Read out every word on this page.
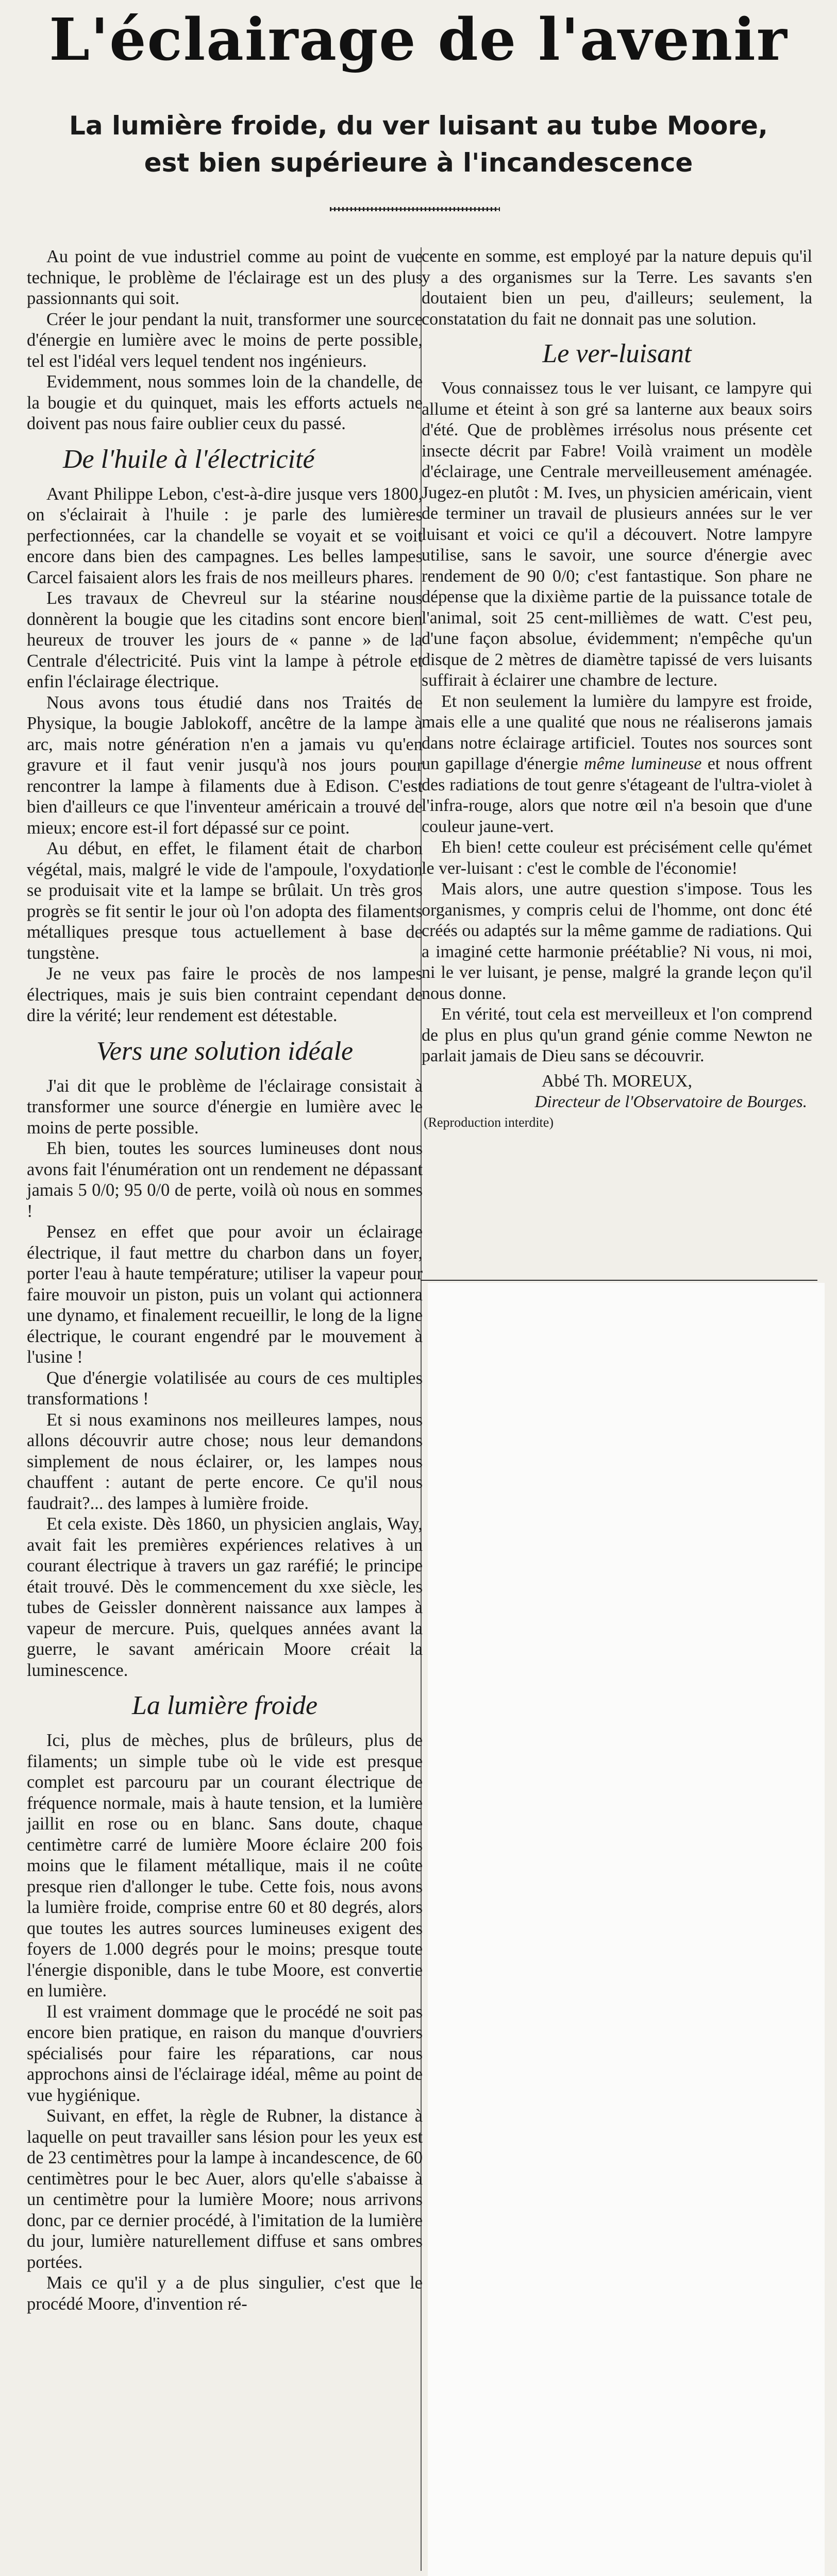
L'éclairage de l'avenir
La lumière froide, du ver luisant au tube Moore,
est bien supérieure à l'incandescence

Au point de vue industriel comme au point de vue technique, le problème de l'éclairage est un des plus passionnants qui soit.

Créer le jour pendant la nuit, transformer une source d'énergie en lumière avec le moins de perte possible, tel est l'idéal vers lequel tendent nos ingénieurs.

Evidemment, nous sommes loin de la chandelle, de la bougie et du quinquet, mais les efforts actuels ne doivent pas nous faire oublier ceux du passé.

De l'huile à l'électricité

Avant Philippe Lebon, c'est-à-dire jusque vers 1800, on s'éclairait à l'huile : je parle des lumières perfectionnées, car la chandelle se voyait et se voit encore dans bien des campagnes. Les belles lampes Carcel faisaient alors les frais de nos meilleurs phares.

Les travaux de Chevreul sur la stéarine nous donnèrent la bougie que les citadins sont encore bien heureux de trouver les jours de « panne » de la Centrale d'électricité. Puis vint la lampe à pétrole et enfin l'éclairage électrique.

Nous avons tous étudié dans nos Traités de Physique, la bougie Jablokoff, ancêtre de la lampe à arc, mais notre génération n'en a jamais vu qu'en gravure et il faut venir jusqu'à nos jours pour rencontrer la lampe à filaments due à Edison. C'est bien d'ailleurs ce que l'inventeur américain a trouvé de mieux; encore est-il fort dépassé sur ce point.

Au début, en effet, le filament était de charbon végétal, mais, malgré le vide de l'ampoule, l'oxydation se produisait vite et la lampe se brûlait. Un très gros progrès se fit sentir le jour où l'on adopta des filaments métalliques presque tous actuellement à base de tungstène.

Je ne veux pas faire le procès de nos lampes électriques, mais je suis bien contraint cependant de dire la vérité; leur rendement est détestable.

Vers une solution idéale

J'ai dit que le problème de l'éclairage consistait à transformer une source d'énergie en lumière avec le moins de perte possible.

Eh bien, toutes les sources lumineuses dont nous avons fait l'énumération ont un rendement ne dépassant jamais 5 0/0; 95 0/0 de perte, voilà où nous en sommes !

Pensez en effet que pour avoir un éclairage électrique, il faut mettre du charbon dans un foyer, porter l'eau à haute température; utiliser la vapeur pour faire mouvoir un piston, puis un volant qui actionnera une dynamo, et finalement recueillir, le long de la ligne électrique, le courant engendré par le mouvement à l'usine !

Que d'énergie volatilisée au cours de ces multiples transformations !

Et si nous examinons nos meilleures lampes, nous allons découvrir autre chose; nous leur demandons simplement de nous éclairer, or, les lampes nous chauffent : autant de perte encore. Ce qu'il nous faudrait?... des lampes à lumière froide.

Et cela existe. Dès 1860, un physicien anglais, Way, avait fait les premières expériences relatives à un courant électrique à travers un gaz raréfié; le principe était trouvé. Dès le commencement du xxe siècle, les tubes de Geissler donnèrent naissance aux lampes à vapeur de mercure. Puis, quelques années avant la guerre, le savant américain Moore créait la luminescence.

La lumière froide

Ici, plus de mèches, plus de brûleurs, plus de filaments; un simple tube où le vide est presque complet est parcouru par un courant électrique de fréquence normale, mais à haute tension, et la lumière jaillit en rose ou en blanc. Sans doute, chaque centimètre carré de lumière Moore éclaire 200 fois moins que le filament métallique, mais il ne coûte presque rien d'allonger le tube. Cette fois, nous avons la lumière froide, comprise entre 60 et 80 degrés, alors que toutes les autres sources lumineuses exigent des foyers de 1.000 degrés pour le moins; presque toute l'énergie disponible, dans le tube Moore, est convertie en lumière.

Il est vraiment dommage que le procédé ne soit pas encore bien pratique, en raison du manque d'ouvriers spécialisés pour faire les réparations, car nous approchons ainsi de l'éclairage idéal, même au point de vue hygiénique.

Suivant, en effet, la règle de Rubner, la distance à laquelle on peut travailler sans lésion pour les yeux est de 23 centimètres pour la lampe à incandescence, de 60 centimètres pour le bec Auer, alors qu'elle s'abaisse à un centimètre pour la lumière Moore; nous arrivons donc, par ce dernier procédé, à l'imitation de la lumière du jour, lumière naturellement diffuse et sans ombres portées.

Mais ce qu'il y a de plus singulier, c'est que le procédé Moore, d'invention ré-

cente en somme, est employé par la nature depuis qu'il y a des organismes sur la Terre. Les savants s'en doutaient bien un peu, d'ailleurs; seulement, la constatation du fait ne donnait pas une solution.

Le ver-luisant

Vous connaissez tous le ver luisant, ce lampyre qui allume et éteint à son gré sa lanterne aux beaux soirs d'été. Que de problèmes irrésolus nous présente cet insecte décrit par Fabre! Voilà vraiment un modèle d'éclairage, une Centrale merveilleusement aménagée. Jugez-en plutôt : M. Ives, un physicien américain, vient de terminer un travail de plusieurs années sur le ver luisant et voici ce qu'il a découvert. Notre lampyre utilise, sans le savoir, une source d'énergie avec rendement de 90 0/0; c'est fantastique. Son phare ne dépense que la dixième partie de la puissance totale de l'animal, soit 25 cent-millièmes de watt. C'est peu, d'une façon absolue, évidemment; n'empêche qu'un disque de 2 mètres de diamètre tapissé de vers luisants suffirait à éclairer une chambre de lecture.

Et non seulement la lumière du lampyre est froide, mais elle a une qualité que nous ne réaliserons jamais dans notre éclairage artificiel. Toutes nos sources sont un gapillage d'énergie même lumineuse et nous offrent des radiations de tout genre s'étageant de l'ultra-violet à l'infra-rouge, alors que notre œil n'a besoin que d'une couleur jaune-vert.

Eh bien! cette couleur est précisément celle qu'émet le ver-luisant : c'est le comble de l'économie!

Mais alors, une autre question s'impose. Tous les organismes, y compris celui de l'homme, ont donc été créés ou adaptés sur la même gamme de radiations. Qui a imaginé cette harmonie préétablie? Ni vous, ni moi, ni le ver luisant, je pense, malgré la grande leçon qu'il nous donne.

En vérité, tout cela est merveilleux et l'on comprend de plus en plus qu'un grand génie comme Newton ne parlait jamais de Dieu sans se découvrir.

Abbé Th. MOREUX,
Directeur de l'Observatoire de Bourges.
(Reproduction interdite)
